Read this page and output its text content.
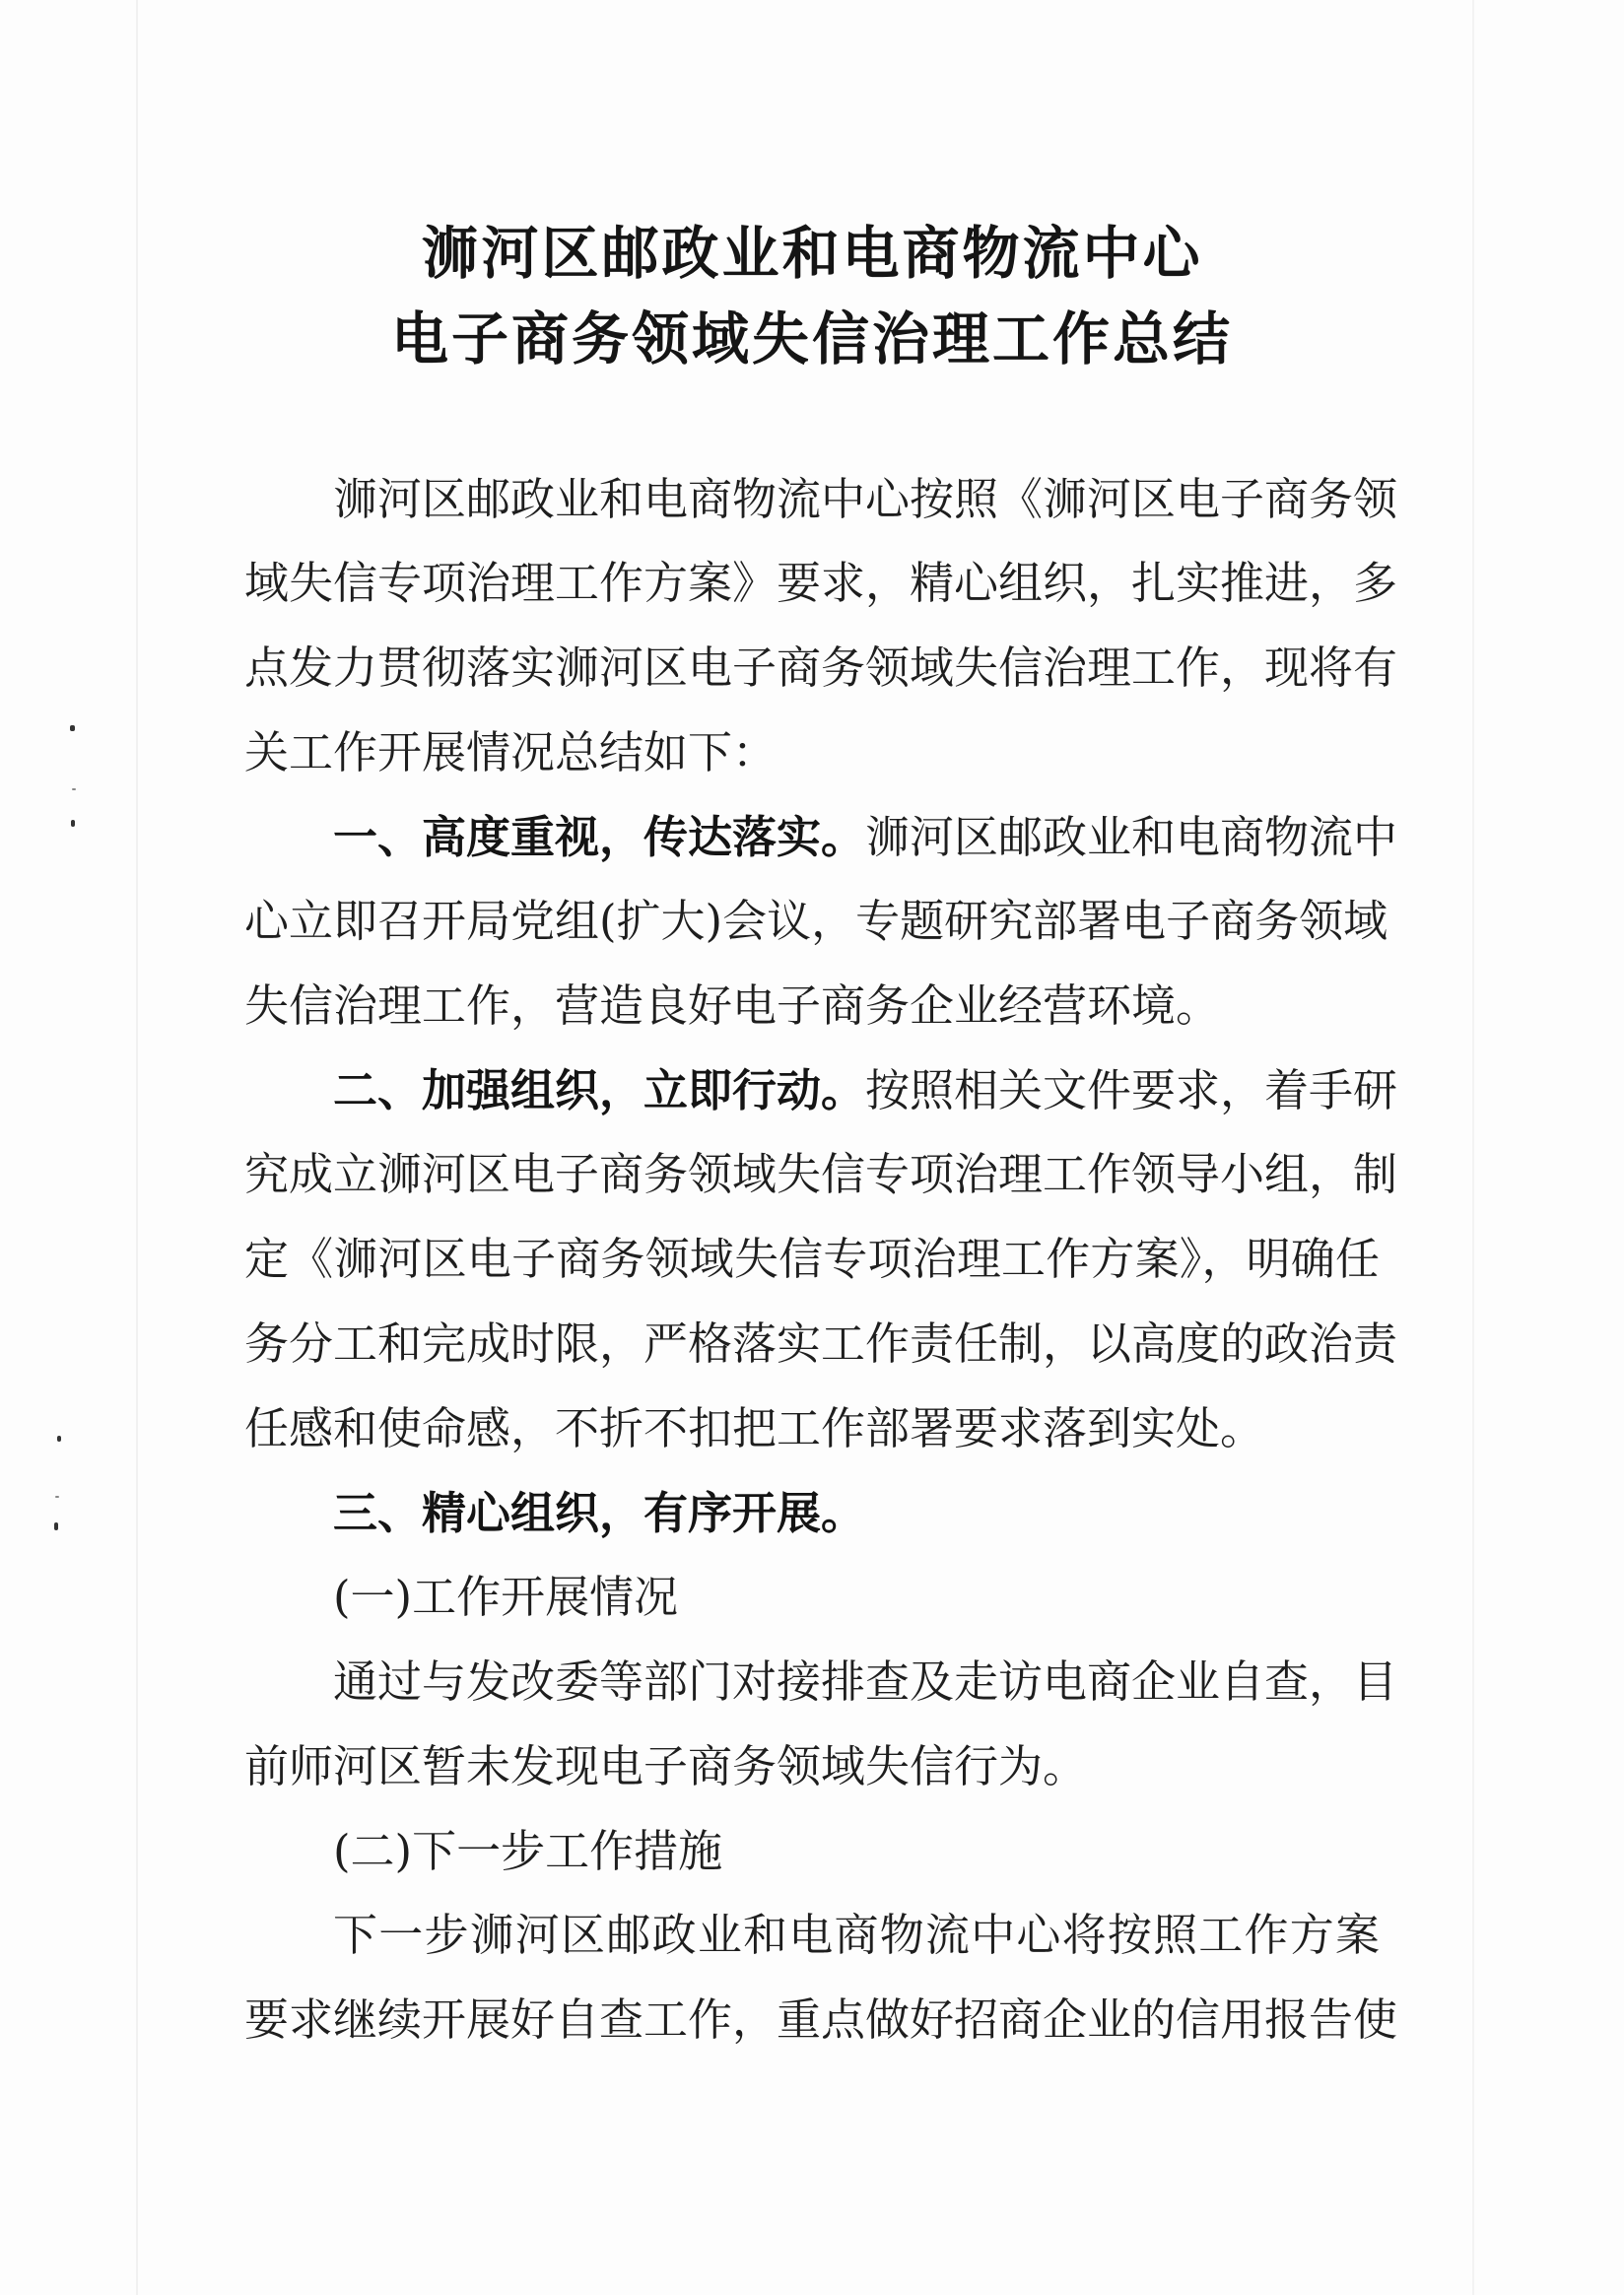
浉河区邮政业和电商物流中心
电子商务领域失信治理工作总结
浉河区邮政业和电商物流中心按照《浉河区电子商务领
域失信专项治理工作方案》要求，精心组织，扎实推进，多
点发力贯彻落实浉河区电子商务领域失信治理工作，现将有
关工作开展情况总结如下：
一、高度重视，传达落实。浉河区邮政业和电商物流中
心立即召开局党组(扩大)会议，专题研究部署电子商务领域
失信治理工作，营造良好电子商务企业经营环境。
二、加强组织，立即行动。按照相关文件要求，着手研
究成立浉河区电子商务领域失信专项治理工作领导小组，制
定《浉河区电子商务领域失信专项治理工作方案》，明确任
务分工和完成时限，严格落实工作责任制，以高度的政治责
任感和使命感，不折不扣把工作部署要求落到实处。
三、精心组织，有序开展。
(一)工作开展情况
通过与发改委等部门对接排查及走访电商企业自查，目
前师河区暂未发现电子商务领域失信行为。
(二)下一步工作措施
下一步浉河区邮政业和电商物流中心将按照工作方案
要求继续开展好自查工作，重点做好招商企业的信用报告使
